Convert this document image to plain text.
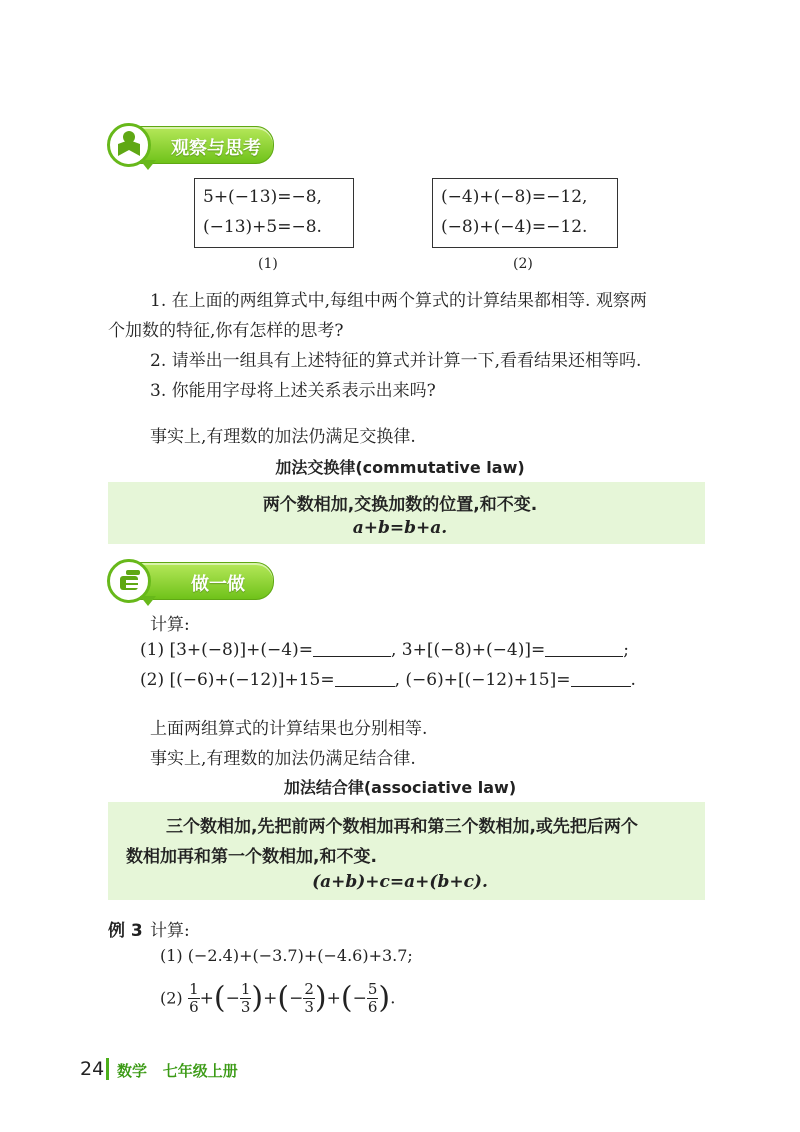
观察与思考
5+(−13)=−8,
(−13)+5=−8.
(1)
(−4)+(−8)=−12,
(−8)+(−4)=−12.
(2)
1. 在上面的两组算式中,每组中两个算式的计算结果都相等. 观察两
个加数的特征,你有怎样的思考?
2. 请举出一组具有上述特征的算式并计算一下,看看结果还相等吗.
3. 你能用字母将上述关系表示出来吗?
事实上,有理数的加法仍满足交换律.
加法交换律(commutative law)
两个数相加,交换加数的位置,和不变.
a+b=b+a.
做一做
计算:
(1) [3+(−8)]+(−4)=	, 3+[(−8)+(−4)]=	;
(2) [(−6)+(−12)]+15=	, (−6)+[(−12)+15]=	.
上面两组算式的计算结果也分别相等.
事实上,有理数的加法仍满足结合律.
加法结合律(associative law)
三个数相加,先把前两个数相加再和第三个数相加,或先把后两个
数相加再和第一个数相加,和不变.
(a+b)+c=a+(b+c).
例 3 计算:
(1) (−2.4)+(−3.7)+(−4.6)+3.7;
$(2) \frac{1}{6}$ +(− $\frac{1}{3}$ )+(− $\frac{2}{3}$ )+(− $\frac{5}{6}$ ).
24 数学 七年级上册
